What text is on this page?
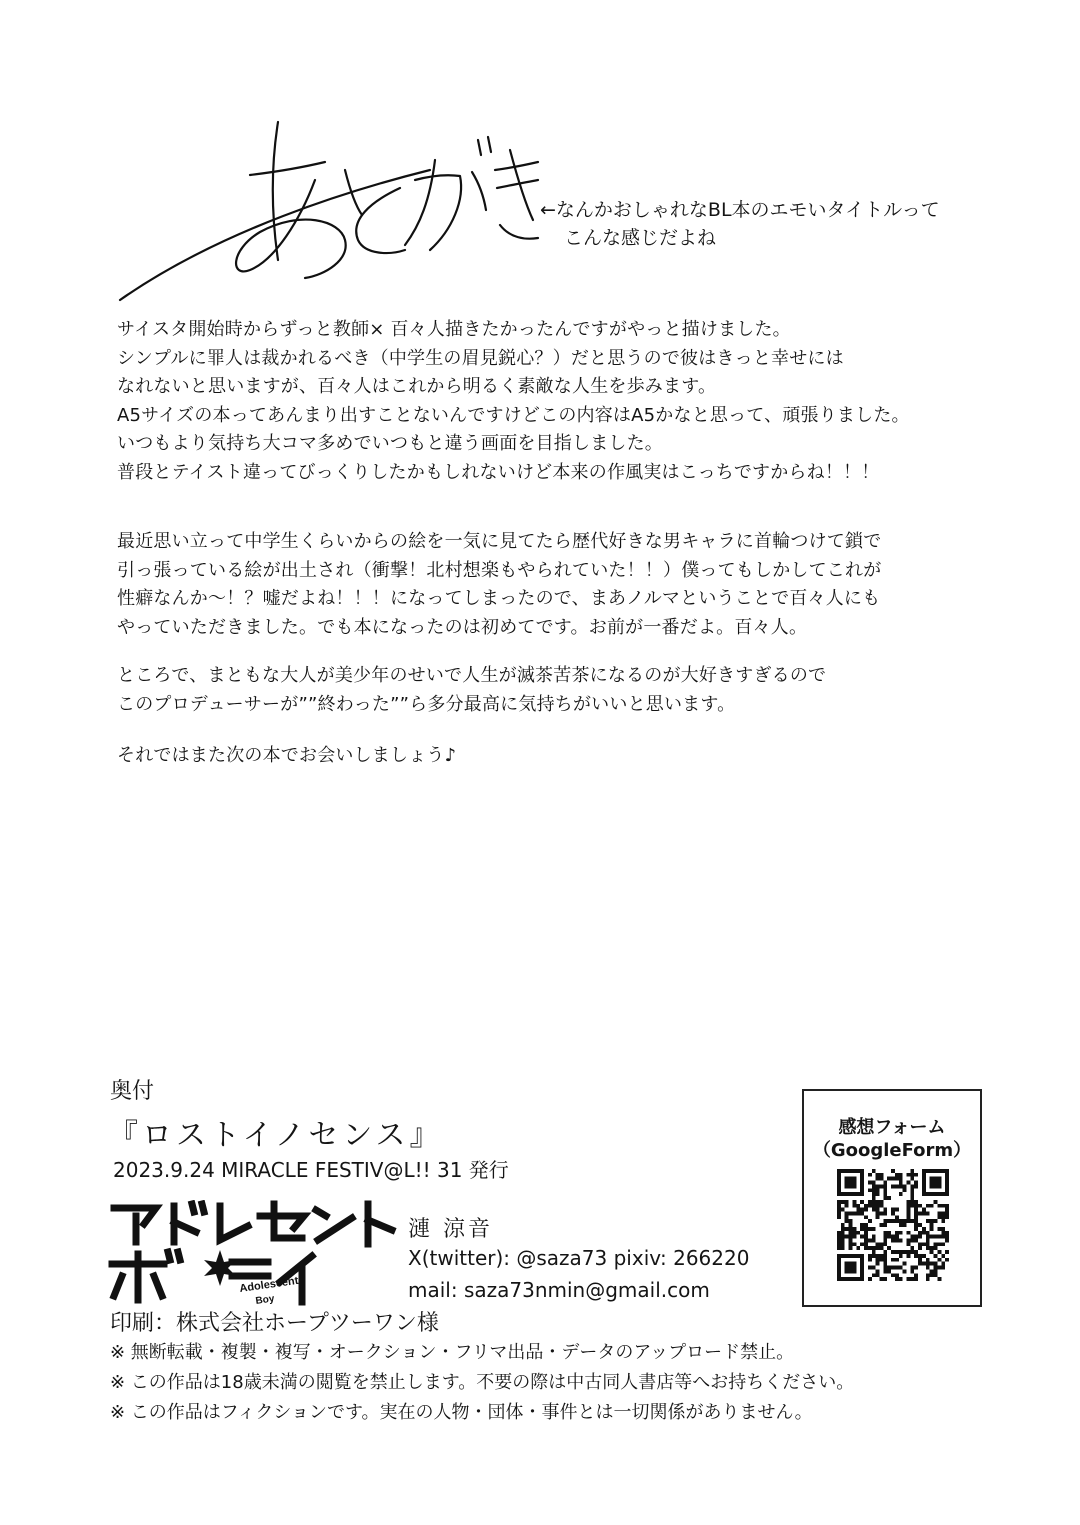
←なんかおしゃれなBL本のエモいタイトルって
こんな感じだよね
サイスタ開始時からずっと教師× 百々人描きたかったんですがやっと描けました。
シンプルに罪人は裁かれるべき（中学生の眉見鋭心？）だと思うので彼はきっと幸せには
なれないと思いますが、百々人はこれから明るく素敵な人生を歩みます。
A5サイズの本ってあんまり出すことないんですけどこの内容はA5かなと思って、頑張りました。
いつもより気持ち大コマ多めでいつもと違う画面を目指しました。
普段とテイスト違ってびっくりしたかもしれないけど本来の作風実はこっちですからね！！！
最近思い立って中学生くらいからの絵を一気に見てたら歴代好きな男キャラに首輪つけて鎖で
引っ張っている絵が出土され（衝撃！北村想楽もやられていた！！）僕ってもしかしてこれが
性癖なんか〜！？嘘だよね！！！になってしまったので、まあノルマということで百々人にも
やっていただきました。でも本になったのは初めてです。お前が一番だよ。百々人。
ところで、まともな大人が美少年のせいで人生が滅茶苦茶になるのが大好きすぎるので
このプロデューサーが””終わった””ら多分最高に気持ちがいいと思います。
それではまた次の本でお会いしましょう♪
奥付
『ロストイノセンス』
2023.9.24 MIRACLE FESTIV@L!! 31 発行
Adolescent
Boy
漣 涼音
X(twitter): @saza73 pixiv: 266220
mail: saza73nmin@gmail.com
印刷：株式会社ホープツーワン様
※ 無断転載・複製・複写・オークション・フリマ出品・データのアップロード禁止。
※ この作品は18歳未満の閲覧を禁止します。不要の際は中古同人書店等へお持ちください。
※ この作品はフィクションです。実在の人物・団体・事件とは一切関係がありません。
感想フォーム
（GoogleForm）
